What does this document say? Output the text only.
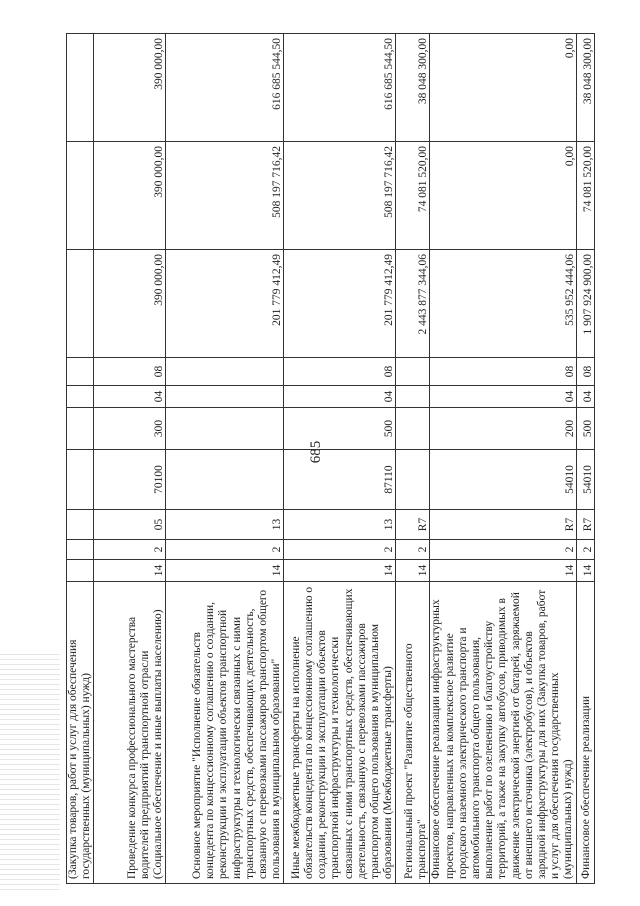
685
(Закупка товаров, работ и услуг для обеспечения государственных (муниципальных) нужд)										
Проведение конкурса профессионального мастерства водителей предприятий транспортной отрасли (Социальное обеспечение и иные выплаты населению)	14	2	05	70100	300	04	08	390 000,00	390 000,00	390 000,00
Основное мероприятие "Исполнение обязательств концедента по концессионному соглашению о создании, реконструкции и эксплуатации объектов транспортной инфраструктуры и технологически связанных с ними транспортных средств, обеспечивающих деятельность, связанную с перевозками пассажиров транспортом общего пользования в муниципальном образовании"	14	2	13					201 779 412,49	508 197 716,42	616 685 544,50
Иные межбюджетные трансферты на исполнение обязательств концедента по концессионному соглашению о создании, реконструкции и эксплуатации объектов транспортной инфраструктуры и технологически связанных с ними транспортных средств, обеспечивающих деятельность, связанную с перевозками пассажиров транспортом общего пользования в муниципальном образовании (Межбюджетные трансферты)	14	2	13	87110	500	04	08	201 779 412,49	508 197 716,42	616 685 544,50
Региональный проект "Развитие общественного транспорта"	14	2	R7					2 443 877 344,06	74 081 520,00	38 048 300,00
Финансовое обеспечение реализации инфраструктурных проектов, направленных на комплексное развитие городского наземного электрического транспорта и автомобильного транспорта общего пользования, выполнение работ по озеленению и благоустройству территорий, а также на закупку автобусов, приводимых в движение электрической энергией от батарей, заряжаемой от внешнего источника (электробусов), и объектов зарядной инфраструктуры для них (Закупка товаров, работ и услуг для обеспечения государственных (муниципальных) нужд)	14	2	R7	54010	200	04	08	535 952 444,06	0,00	0,00
Финансовое обеспечение реализации	14	2	R7	54010	500	04	08	1 907 924 900,00	74 081 520,00	38 048 300,00
